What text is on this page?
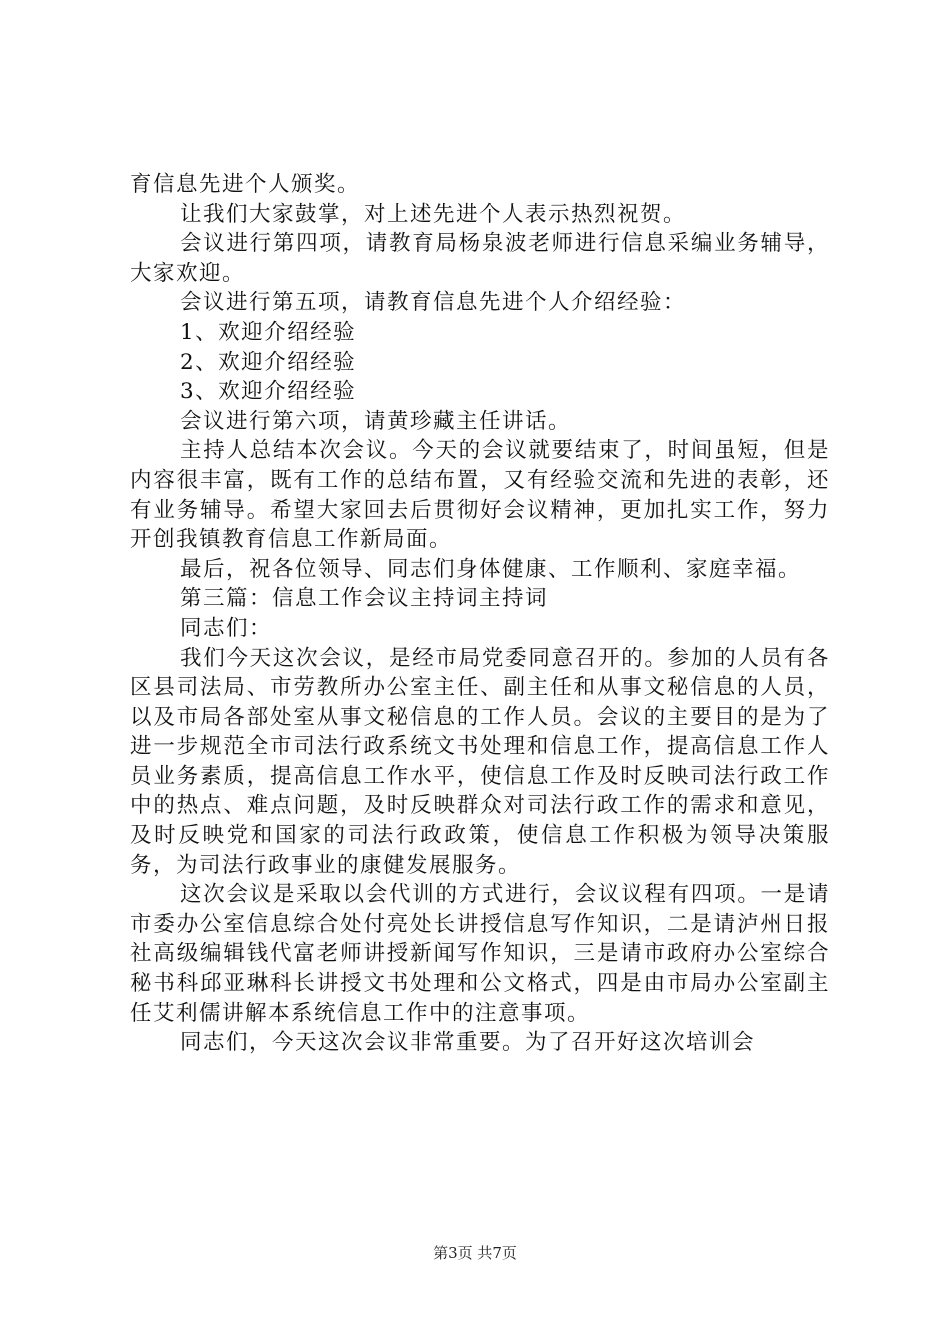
育信息先进个人颁奖。

让我们大家鼓掌，对上述先进个人表示热烈祝贺。

会议进行第四项，请教育局杨泉波老师进行信息采编业务辅导，大家欢迎。

会议进行第五项，请教育信息先进个人介绍经验：

1、欢迎介绍经验

2、欢迎介绍经验

3、欢迎介绍经验

会议进行第六项，请黄珍藏主任讲话。

主持人总结本次会议。今天的会议就要结束了，时间虽短，但是内容很丰富，既有工作的总结布置，又有经验交流和先进的表彰，还有业务辅导。希望大家回去后贯彻好会议精神，更加扎实工作，努力开创我镇教育信息工作新局面。

最后，祝各位领导、同志们身体健康、工作顺利、家庭幸福。

第三篇：信息工作会议主持词主持词

同志们：

我们今天这次会议，是经市局党委同意召开的。参加的人员有各区县司法局、市劳教所办公室主任、副主任和从事文秘信息的人员，以及市局各部处室从事文秘信息的工作人员。会议的主要目的是为了进一步规范全市司法行政系统文书处理和信息工作，提高信息工作人员业务素质，提高信息工作水平，使信息工作及时反映司法行政工作中的热点、难点问题，及时反映群众对司法行政工作的需求和意见，及时反映党和国家的司法行政政策，使信息工作积极为领导决策服务，为司法行政事业的康健发展服务。

这次会议是采取以会代训的方式进行，会议议程有四项。一是请市委办公室信息综合处付亮处长讲授信息写作知识，二是请泸州日报社高级编辑钱代富老师讲授新闻写作知识，三是请市政府办公室综合秘书科邱亚琳科长讲授文书处理和公文格式，四是由市局办公室副主任艾利儒讲解本系统信息工作中的注意事项。

同志们，今天这次会议非常重要。为了召开好这次培训会

第3页 共7页
